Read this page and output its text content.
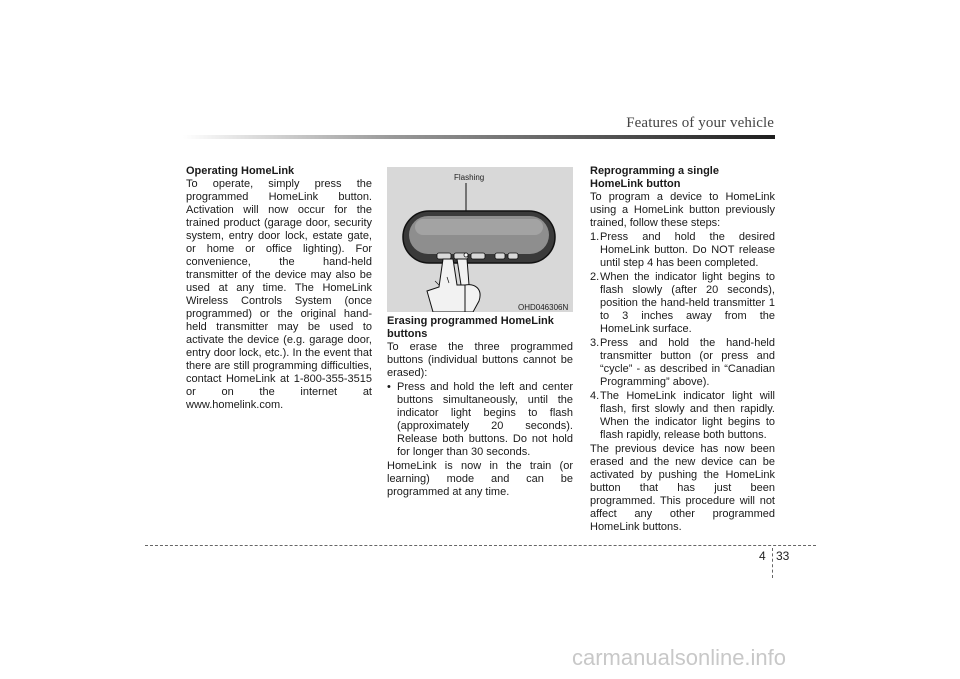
Features of your vehicle
Operating HomeLink

To operate, simply press the programmed HomeLink button. Activation will now occur for the trained product (garage door, security system, entry door lock, estate gate, or home or office lighting). For convenience, the hand-held transmitter of the device may also be used at any time. The HomeLink Wireless Controls System (once programmed) or the original hand-held transmitter may be used to activate the device (e.g. garage door, entry door lock, etc.). In the event that there are still programming difficulties, contact HomeLink at 1-800-355-3515 or on the internet at www.homelink.com.

Flashing
OHD046306N
Erasing programmed HomeLink buttons

To erase the three programmed buttons (individual buttons cannot be erased):

• Press and hold the left and center buttons simultaneously, until the indicator light begins to flash (approximately 20 seconds). Release both buttons. Do not hold for longer than 30 seconds.

HomeLink is now in the train (or learning) mode and can be programmed at any time.

Reprogramming a single HomeLink button

To program a device to HomeLink using a HomeLink button previously trained, follow these steps:

1. Press and hold the desired HomeLink button. Do NOT release until step 4 has been completed.
2. When the indicator light begins to flash slowly (after 20 seconds), position the hand-held transmitter 1 to 3 inches away from the HomeLink surface.
3. Press and hold the hand-held transmitter button (or press and “cycle” - as described in “Canadian Programming” above).
4. The HomeLink indicator light will flash, first slowly and then rapidly. When the indicator light begins to flash rapidly, release both buttons.

The previous device has now been erased and the new device can be activated by pushing the HomeLink button that has just been programmed. This procedure will not affect any other programmed HomeLink buttons.

4 33
carmanualsonline.info
